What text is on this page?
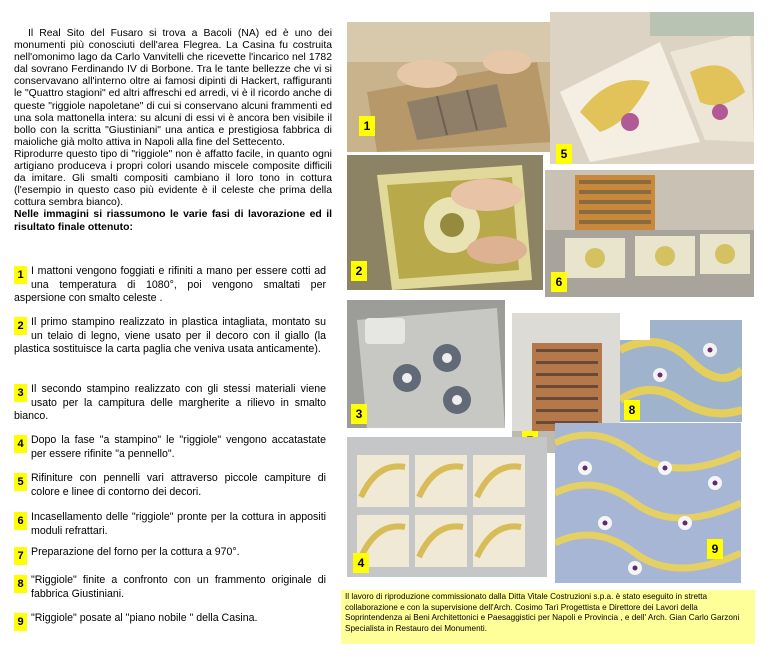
Il Real Sito del Fusaro si trova a Bacoli (NA) ed è uno dei monumenti più conosciuti dell'area Flegrea. La Casina fu costruita nell'omonimo lago da Carlo Vanvitelli che ricevette l'incarico nel 1782 dal sovrano Ferdinando IV di Borbone. Tra le tante bellezze che vi si conservavano all'interno oltre ai famosi dipinti di Hackert, raffiguranti le "Quattro stagioni" ed altri affreschi ed arredi, vi è il ricordo anche di queste "riggiole napoletane" di cui si conservano alcuni frammenti ed una sola mattonella intera: su alcuni di essi vi è ancora ben visibile il bollo con la scritta "Giustiniani" una antica e prestigiosa fabbrica di maioliche già molto attiva in Napoli alla fine del Settecento.

Riprodurre questo tipo di "riggiole" non è affatto facile, in quanto ogni artigiano produceva i propri colori usando miscele composite difficili da imitare. Gli smalti compositi cambiano il loro tono in cottura (l'esempio in questo caso più evidente è il celeste che prima della cottura sembra bianco).

Nelle immagini si riassumono le varie fasi di lavorazione ed il risultato finale ottenuto:

1 I mattoni vengono foggiati e rifiniti a mano per essere cotti ad una temperatura di 1080°, poi vengono smaltati per aspersione con smalto celeste .
2 Il primo stampino realizzato in plastica intagliata, montato su un telaio di legno, viene usato per il decoro con il giallo (la plastica sostituisce la carta paglia che veniva usata anticamente).
3 Il secondo stampino realizzato con gli stessi materiali viene usato per la campitura delle margherite a rilievo in smalto bianco.
4 Dopo la fase "a stampino" le "riggiole" vengono accatastate per essere rifinite "a pennello".
5 Rifiniture con pennelli vari attraverso piccole campiture di colore e linee di contorno dei decori.
6 Incasellamento delle "riggiole" pronte per la cottura in appositi moduli refrattari.
7 Preparazione del forno per la cottura a 970°.
8 "Riggiole" finite a confronto con un frammento originale di fabbrica Giustiniani.
9 "Riggiole" posate al "piano nobile " della Casina.
1
5
2
6
3	8
4
9
Il lavoro di riproduzione commissionato dalla Ditta Vitale Costruzioni s.p.a. è stato eseguito in stretta collaborazione e con la supervisione dell'Arch. Cosimo Tarì Progettista e Direttore dei Lavori della Soprintendenza ai Beni Architettonici e Paesaggistici per Napoli e Provincia , e dell' Arch. Gian Carlo Garzoni Specialista in Restauro dei Monumenti.
